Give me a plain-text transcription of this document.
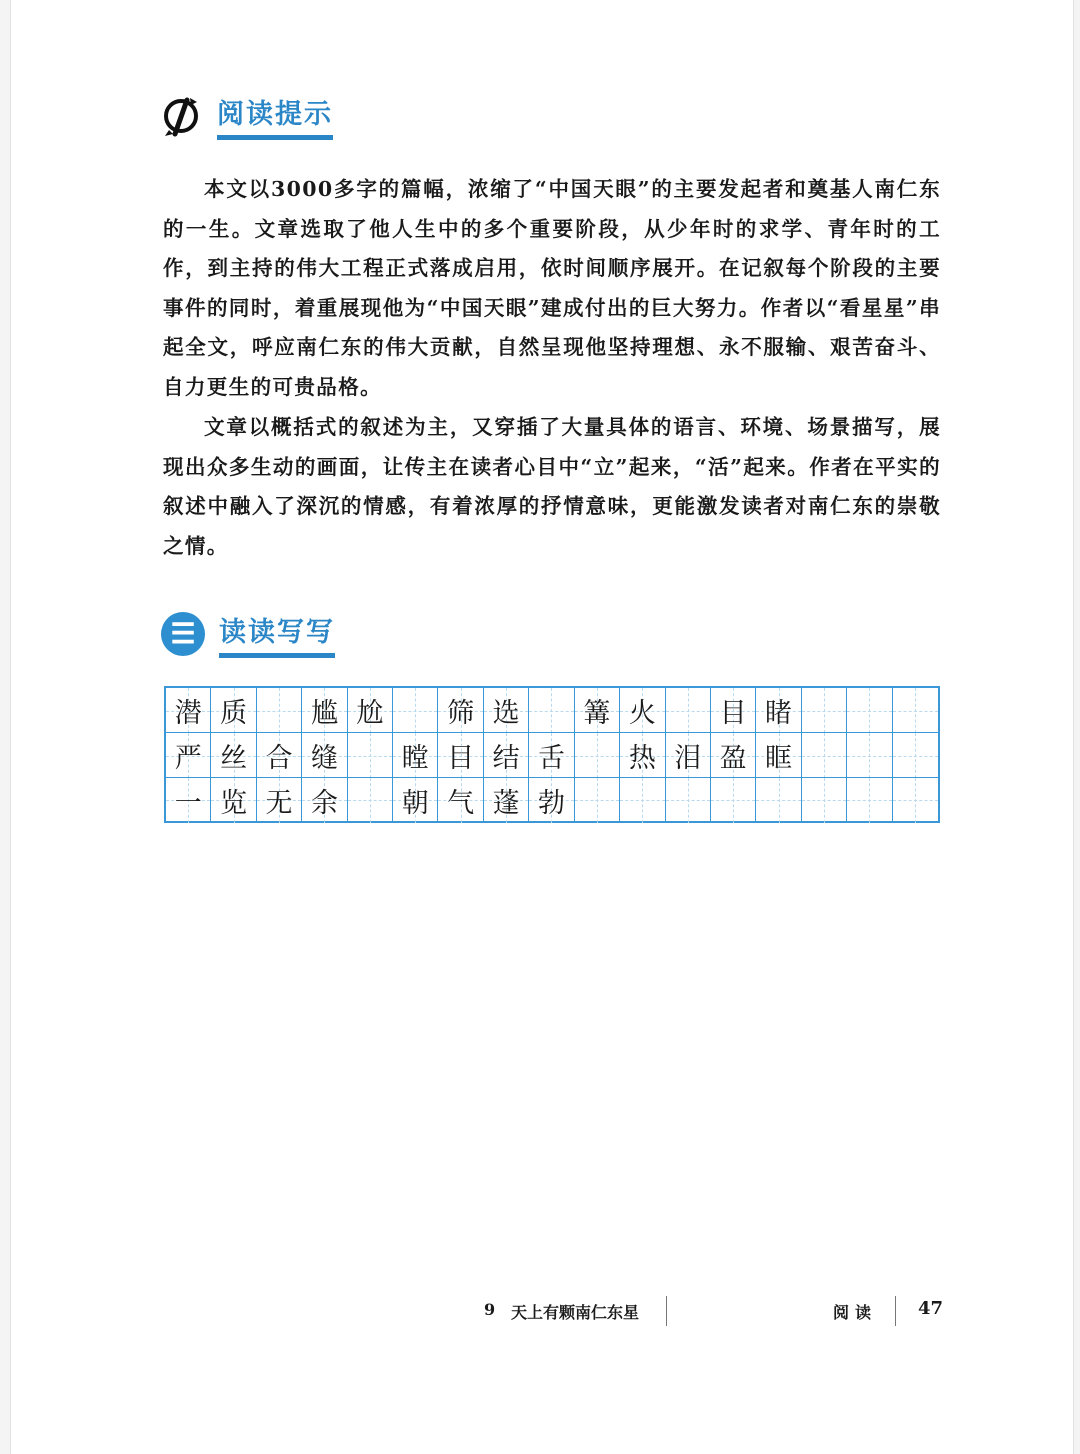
阅读提示

本文以3000多字的篇幅，浓缩了“中国天眼”的主要发起者和奠基人南仁东的一生。文章选取了他人生中的多个重要阶段，从少年时的求学、青年时的工作，到主持的伟大工程正式落成启用，依时间顺序展开。在记叙每个阶段的主要事件的同时，着重展现他为“中国天眼”建成付出的巨大努力。作者以“看星星”串起全文，呼应南仁东的伟大贡献，自然呈现他坚持理想、永不服输、艰苦奋斗、自力更生的可贵品格。

文章以概括式的叙述为主，又穿插了大量具体的语言、环境、场景描写，展现出众多生动的画面，让传主在读者心目中“立”起来，“活”起来。作者在平实的叙述中融入了深沉的情感，有着浓厚的抒情意味，更能激发读者对南仁东的崇敬之情。

☰ 读读写写
潜 质 尴 尬 筛 选 篝 火 目 睹
严 丝 合 缝 瞠 目 结 舌 热 泪 盈 眶
一 览 无 余 朝 气 蓬 勃
9 天上有颗南仁东星	阅读 47
